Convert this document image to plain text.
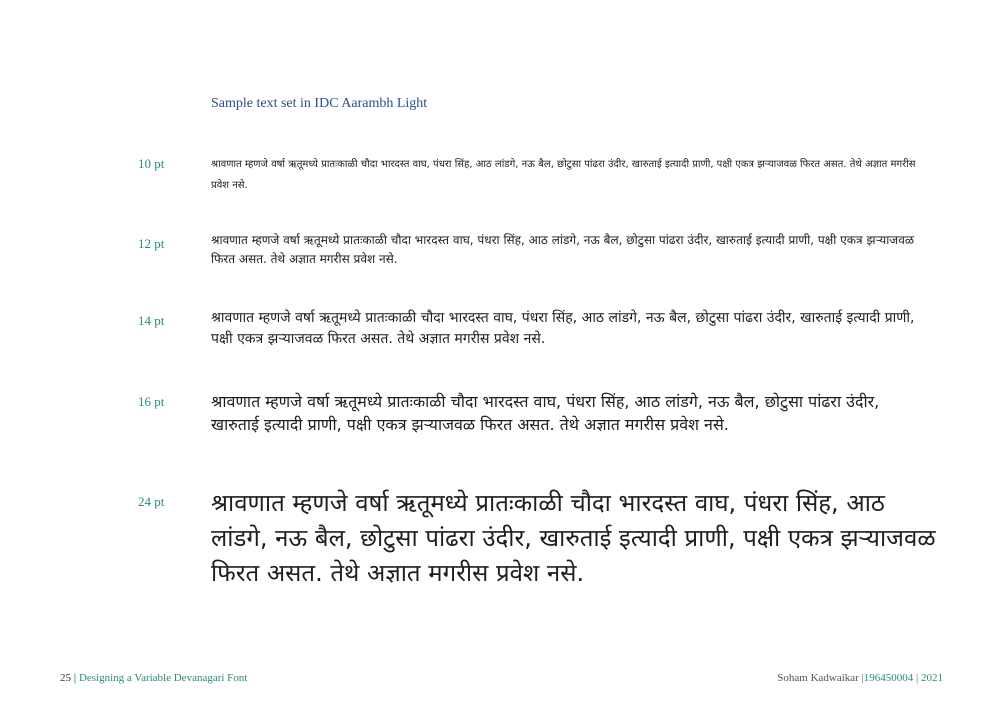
Sample text set in IDC Aarambh Light
10 pt	श्रावणात म्हणजे वर्षा ऋतूमध्ये प्रातःकाळी चौदा भारदस्त वाघ, पंधरा सिंह, आठ लांडगे, नऊ बैल, छोटुसा पांढरा उंदीर, खारुताई इत्यादी प्राणी, पक्षी एकत्र झऱ्याजवळ फिरत असत. तेथे अज्ञात मगरीस प्रवेश नसे.
12 pt	श्रावणात म्हणजे वर्षा ऋतूमध्ये प्रातःकाळी चौदा भारदस्त वाघ, पंधरा सिंह, आठ लांडगे, नऊ बैल, छोटुसा पांढरा उंदीर, खारुताई इत्यादी प्राणी, पक्षी एकत्र झऱ्याजवळ फिरत असत. तेथे अज्ञात मगरीस प्रवेश नसे.
14 pt	श्रावणात म्हणजे वर्षा ऋतूमध्ये प्रातःकाळी चौदा भारदस्त वाघ, पंधरा सिंह, आठ लांडगे, नऊ बैल, छोटुसा पांढरा उंदीर, खारुताई इत्यादी प्राणी, पक्षी एकत्र झऱ्याजवळ फिरत असत. तेथे अज्ञात मगरीस प्रवेश नसे.
16 pt	श्रावणात म्हणजे वर्षा ऋतूमध्ये प्रातःकाळी चौदा भारदस्त वाघ, पंधरा सिंह, आठ लांडगे, नऊ बैल, छोटुसा पांढरा उंदीर, खारुताई इत्यादी प्राणी, पक्षी एकत्र झऱ्याजवळ फिरत असत. तेथे अज्ञात मगरीस प्रवेश नसे.
24 pt श्रावणात म्हणजे वर्षा ऋतूमध्ये प्रातःकाळी चौदा भारदस्त वाघ, पंधरा सिंह, आठ लांडगे, नऊ बैल, छोटुसा पांढरा उंदीर, खारुताई इत्यादी प्राणी, पक्षी एकत्र झऱ्याजवळ फिरत असत. तेथे अज्ञात मगरीस प्रवेश नसे.
25 | Designing a Variable Devanagari Font	Soham Kadwaikar |196450004 | 2021
